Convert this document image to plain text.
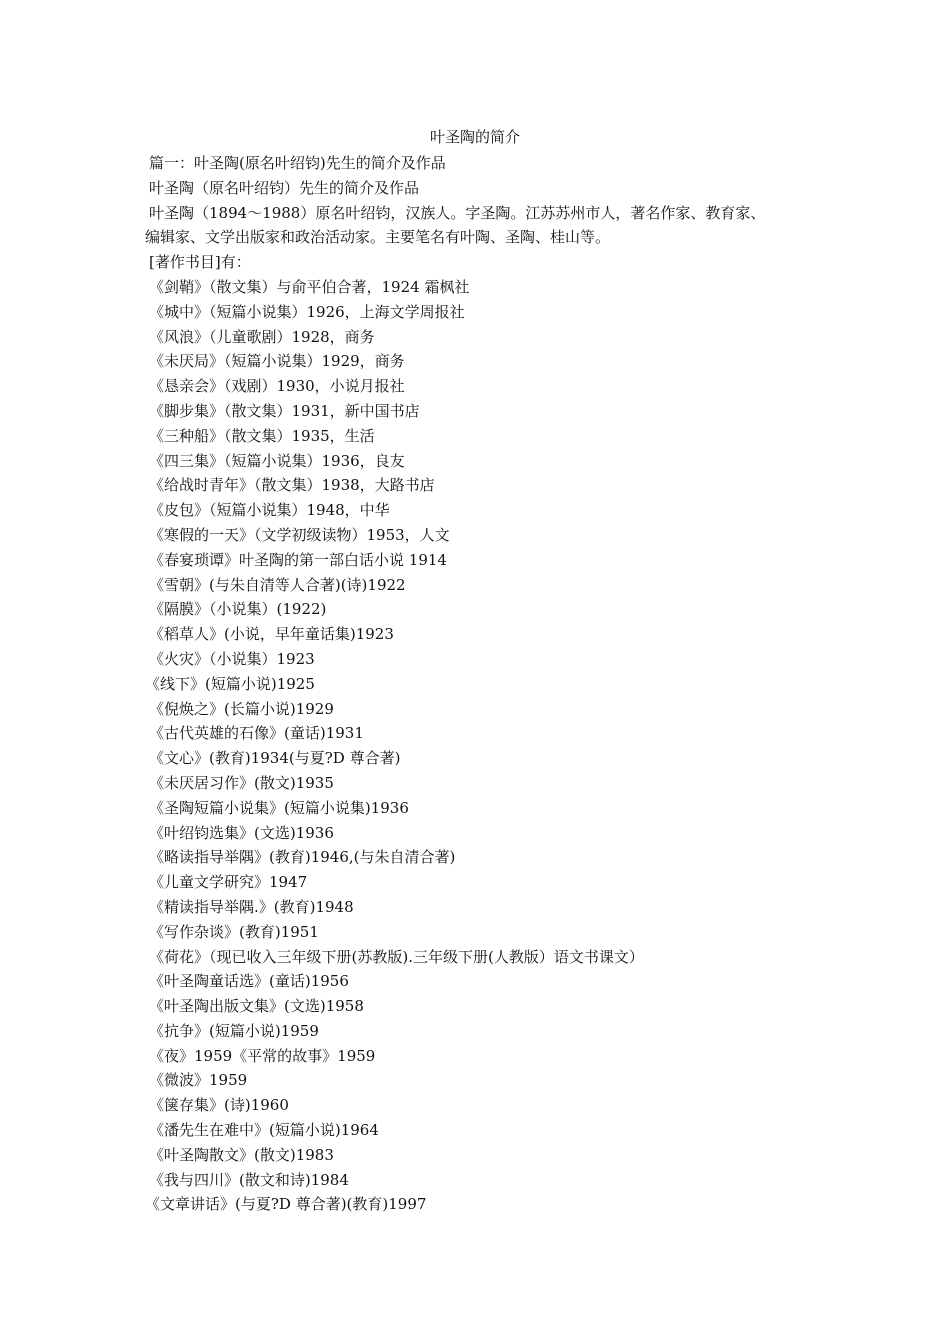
叶圣陶的简介
篇一：叶圣陶(原名叶绍钧)先生的简介及作品
叶圣陶（原名叶绍钧）先生的简介及作品
叶圣陶（1894～1988）原名叶绍钧，汉族人。字圣陶。江苏苏州市人，著名作家、教育家、
编辑家、文学出版家和政治活动家。主要笔名有叶陶、圣陶、桂山等。
[著作书目]有：
《剑鞘》（散文集）与俞平伯合著，1924 霜枫社
《城中》（短篇小说集）1926，上海文学周报社
《风浪》（儿童歌剧）1928，商务
《未厌局》（短篇小说集）1929，商务
《恳亲会》（戏剧）1930，小说月报社
《脚步集》（散文集）1931，新中国书店
《三种船》（散文集）1935，生活
《四三集》（短篇小说集）1936，良友
《给战时青年》（散文集）1938，大路书店
《皮包》（短篇小说集）1948，中华
《寒假的一天》（文学初级读物）1953，人文
《春宴琐谭》叶圣陶的第一部白话小说 1914
《雪朝》(与朱自清等人合著)(诗)1922
《隔膜》（小说集）(1922)
《稻草人》(小说，早年童话集)1923
《火灾》（小说集）1923
《线下》(短篇小说)1925
《倪焕之》(长篇小说)1929
《古代英雄的石像》(童话)1931
《文心》(教育)1934(与夏?D 尊合著)
《未厌居习作》(散文)1935
《圣陶短篇小说集》(短篇小说集)1936
《叶绍钧选集》(文选)1936
《略读指导举隅》(教育)1946,(与朱自清合著)
《儿童文学研究》1947
《精读指导举隅.》(教育)1948
《写作杂谈》(教育)1951
《荷花》（现已收入三年级下册(苏教版).三年级下册(人教版）语文书课文）
《叶圣陶童话选》(童话)1956
《叶圣陶出版文集》(文选)1958
《抗争》(短篇小说)1959
《夜》1959《平常的故事》1959
《微波》1959
《箧存集》(诗)1960
《潘先生在难中》(短篇小说)1964
《叶圣陶散文》(散文)1983
《我与四川》(散文和诗)1984
《文章讲话》(与夏?D 尊合著)(教育)1997
